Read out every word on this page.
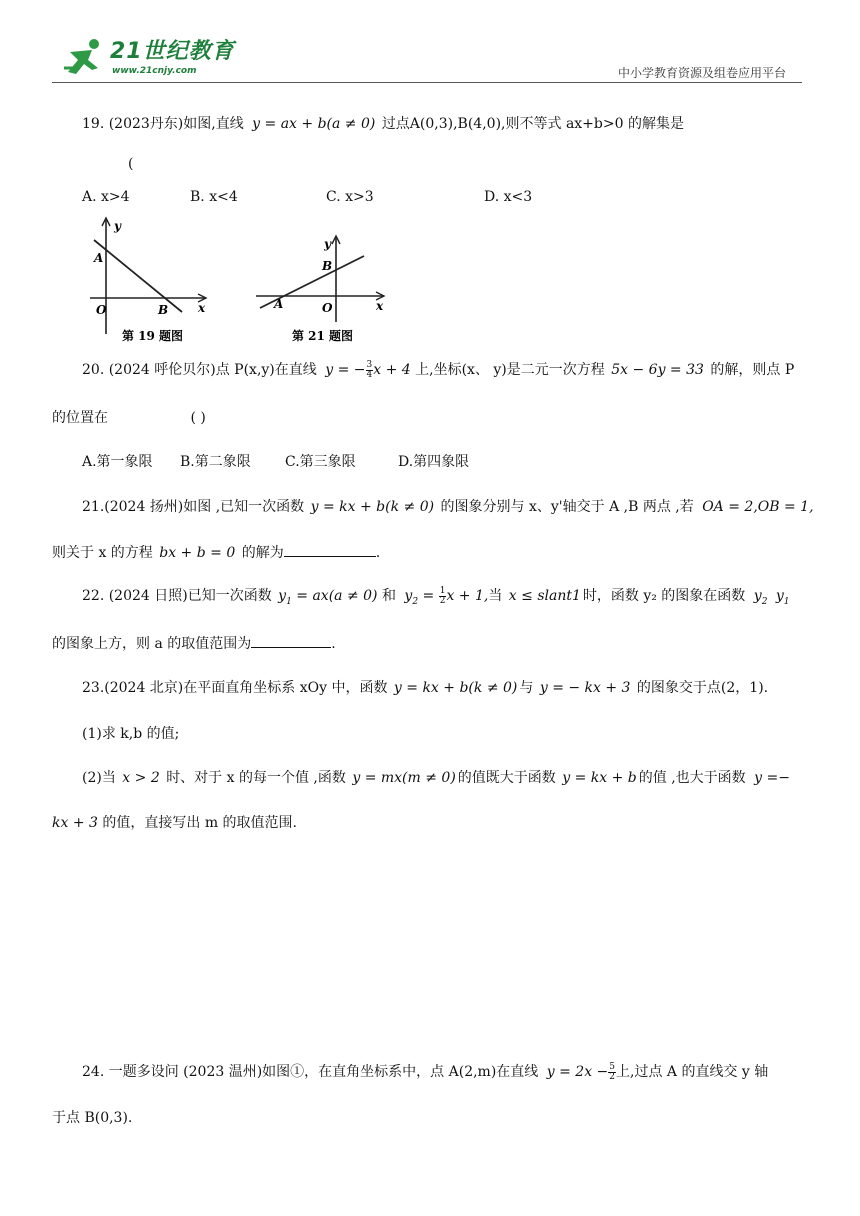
21世纪教育
www.21cnjy.com	中小学教育资源及组卷应用平台
19. (2023丹东)如图,直线 y = ax + b(a ≠ 0) 过点A(0,3),B(4,0),则不等式 ax+b>0 的解集是
(
A. x>4	B. x<4	C. x>3	D. x<3
y
A
O	B x
第 19 题图
y
B
A	O	x
第 21 题图
20. (2024 呼伦贝尔)点 P(x,y)在直线 y = − $\frac{3}{4}$ x + 4 上,坐标(x、 y)是二元一次方程 5x − 6y = 33 的解，则点 P
的位置在	( )
A.第一象限 B.第二象限 C.第三象限	D.第四象限
21.(2024 扬州)如图 ,已知一次函数 y = kx + b(k ≠ 0) 的图象分别与 x、y'轴交于 A ,B 两点 ,若 OA = 2,OB = 1,
则关于 x 的方程 bx + b = 0 的解为	.
22. (2024 日照)已知一次函数 $y_1 = ax(a \ne 0)$ 和 $y_2 = \frac{1}{2}$ x + 1,当 x ≤ slant1 时，函数 y₂ 的图象在函数 $y_2$ $y_1$
的图象上方，则 a 的取值范围为	.
23.(2024 北京)在平面直角坐标系 xOy 中，函数 y = kx + b(k ≠ 0) 与 y = − kx + 3 的图象交于点(2，1).
(1)求 k,b 的值;
(2)当 x > 2 时、对于 x 的每一个值 ,函数 y = mx(m ≠ 0) 的值既大于函数 y = kx + b 的值 ,也大于函数 y =−
kx + 3 的值，直接写出 m 的取值范围.
24. 一题多设问 (2023 温州)如图①，在直角坐标系中，点 A(2,m)在直线 $y = 2x - \frac{5}{2}$ 上,过点 A 的直线交 y 轴
于点 B(0,3).
